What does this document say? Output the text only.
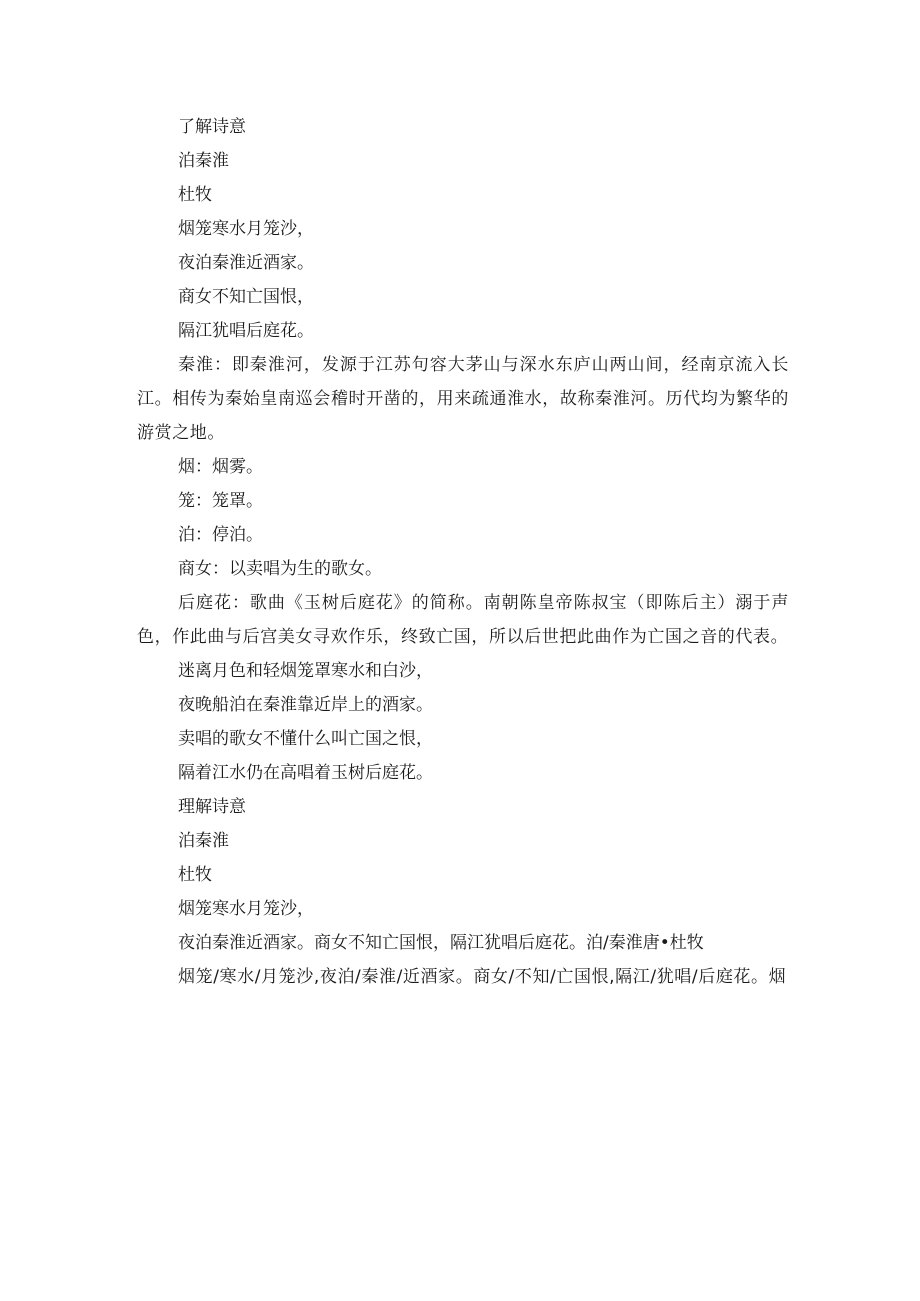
了解诗意

泊秦淮

杜牧

烟笼寒水月笼沙，

夜泊秦淮近酒家。

商女不知亡国恨，

隔江犹唱后庭花。

秦淮：即秦淮河，发源于江苏句容大茅山与深水东庐山两山间，经南京流入长江。相传为秦始皇南巡会稽时开凿的，用来疏通淮水，故称秦淮河。历代均为繁华的游赏之地。

烟：烟雾。

笼：笼罩。

泊：停泊。

商女：以卖唱为生的歌女。

后庭花：歌曲《玉树后庭花》的简称。南朝陈皇帝陈叔宝（即陈后主）溺于声色，作此曲与后宫美女寻欢作乐，终致亡国，所以后世把此曲作为亡国之音的代表。

迷离月色和轻烟笼罩寒水和白沙，

夜晚船泊在秦淮靠近岸上的酒家。

卖唱的歌女不懂什么叫亡国之恨，

隔着江水仍在高唱着玉树后庭花。

理解诗意

泊秦淮

杜牧

烟笼寒水月笼沙，

夜泊秦淮近酒家。商女不知亡国恨，隔江犹唱后庭花。泊/秦淮唐•杜牧

烟笼/寒水/月笼沙,夜泊/秦淮/近酒家。商女/不知/亡国恨,隔江/犹唱/后庭花。烟
